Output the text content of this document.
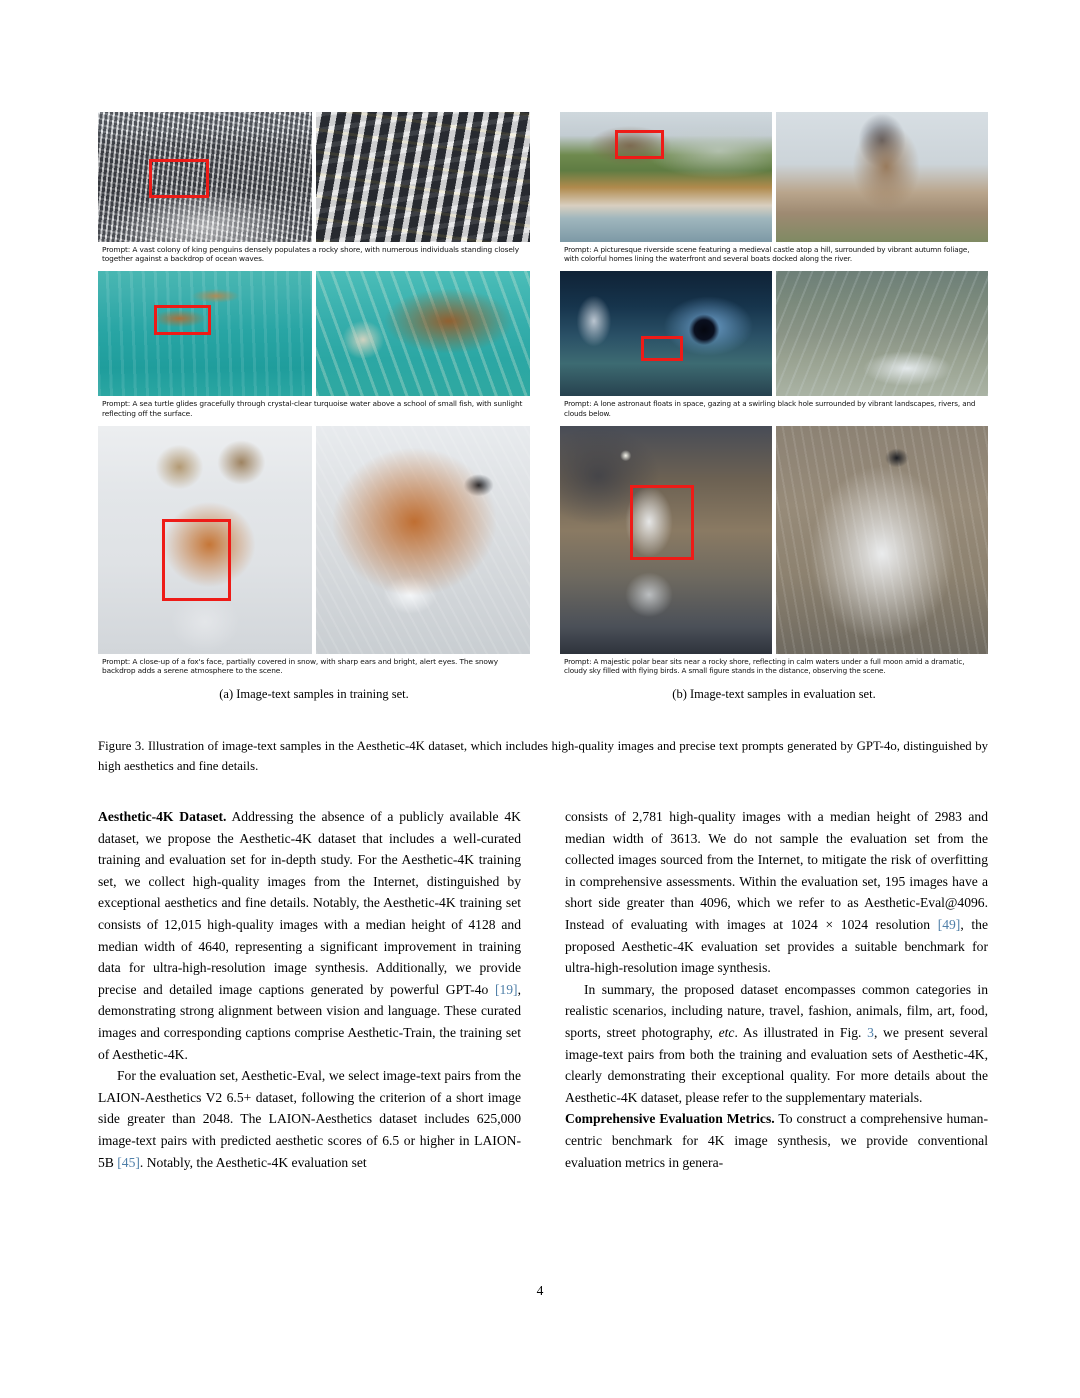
Prompt: A vast colony of king penguins densely populates a rocky shore, with numerous individuals standing closely together against a backdrop of ocean waves.
Prompt: A sea turtle glides gracefully through crystal-clear turquoise water above a school of small fish, with sunlight reflecting off the surface.
Prompt: A close-up of a fox's face, partially covered in snow, with sharp ears and bright, alert eyes. The snowy backdrop adds a serene atmosphere to the scene.
(a) Image-text samples in training set.
Prompt: A picturesque riverside scene featuring a medieval castle atop a hill, surrounded by vibrant autumn foliage, with colorful homes lining the waterfront and several boats docked along the river.
Prompt: A lone astronaut floats in space, gazing at a swirling black hole surrounded by vibrant landscapes, rivers, and clouds below.
Prompt: A majestic polar bear sits near a rocky shore, reflecting in calm waters under a full moon amid a dramatic, cloudy sky filled with flying birds. A small figure stands in the distance, observing the scene.
(b) Image-text samples in evaluation set.
Figure 3. Illustration of image-text samples in the Aesthetic-4K dataset, which includes high-quality images and precise text prompts generated by GPT-4o, distinguished by high aesthetics and fine details.

Aesthetic-4K Dataset. Addressing the absence of a publicly available 4K dataset, we propose the Aesthetic-4K dataset that includes a well-curated training and evaluation set for in-depth study. For the Aesthetic-4K training set, we collect high-quality images from the Internet, distinguished by exceptional aesthetics and fine details. Notably, the Aesthetic-4K training set consists of 12,015 high-quality images with a median height of 4128 and median width of 4640, representing a significant improvement in training data for ultra-high-resolution image synthesis. Additionally, we provide precise and detailed image captions generated by powerful GPT-4o [19], demonstrating strong alignment between vision and language. These curated images and corresponding captions comprise Aesthetic-Train, the training set of Aesthetic-4K.

For the evaluation set, Aesthetic-Eval, we select image-text pairs from the LAION-Aesthetics V2 6.5+ dataset, following the criterion of a short image side greater than 2048. The LAION-Aesthetics dataset includes 625,000 image-text pairs with predicted aesthetic scores of 6.5 or higher in LAION-5B [45]. Notably, the Aesthetic-4K evaluation set

consists of 2,781 high-quality images with a median height of 2983 and median width of 3613. We do not sample the evaluation set from the collected images sourced from the Internet, to mitigate the risk of overfitting in comprehensive assessments. Within the evaluation set, 195 images have a short side greater than 4096, which we refer to as Aesthetic-Eval@4096. Instead of evaluating with images at 1024 × 1024 resolution [49], the proposed Aesthetic-4K evaluation set provides a suitable benchmark for ultra-high-resolution image synthesis.

In summary, the proposed dataset encompasses common categories in realistic scenarios, including nature, travel, fashion, animals, film, art, food, sports, street photography, etc. As illustrated in Fig. 3, we present several image-text pairs from both the training and evaluation sets of Aesthetic-4K, clearly demonstrating their exceptional quality. For more details about the Aesthetic-4K dataset, please refer to the supplementary materials.

Comprehensive Evaluation Metrics. To construct a comprehensive human-centric benchmark for 4K image synthesis, we provide conventional evaluation metrics in genera-

4
